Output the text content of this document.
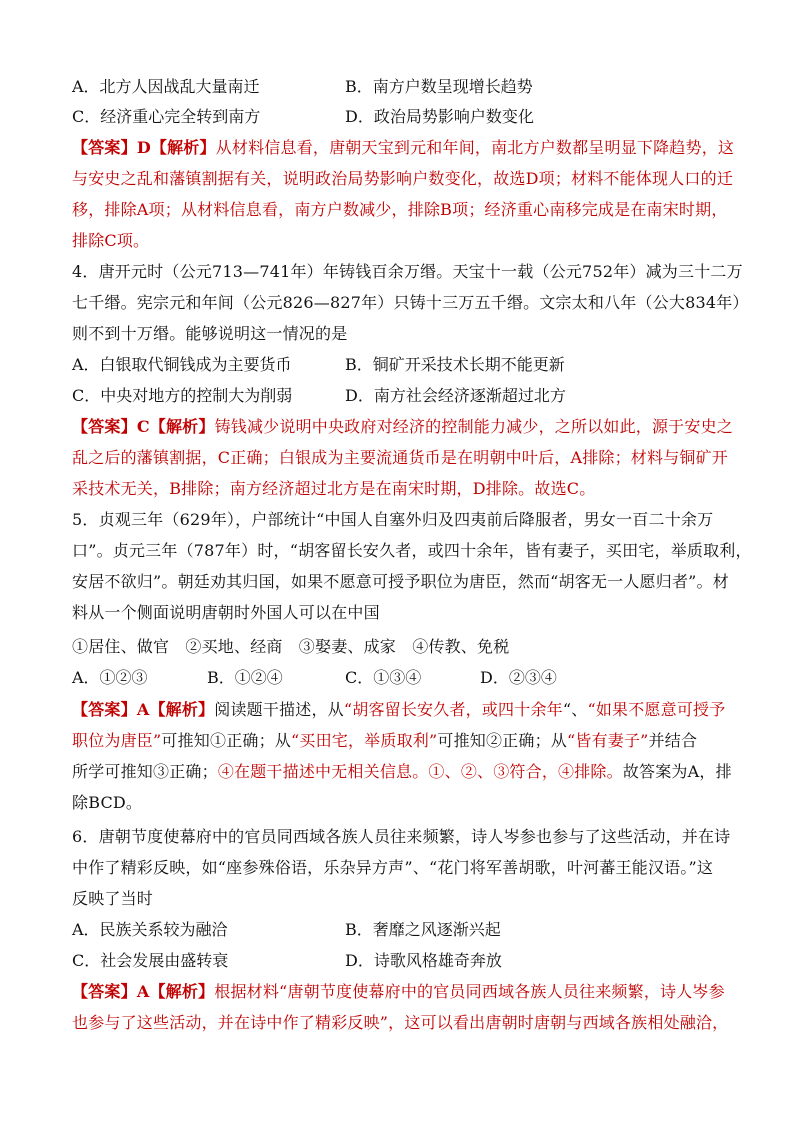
A．北方人因战乱大量南迁	B．南方户数呈现增长趋势
C．经济重心完全转到南方	D．政治局势影响户数变化
【答案】D【解析】从材料信息看，唐朝天宝到元和年间，南北方户数都呈明显下降趋势，这
与安史之乱和藩镇割据有关，说明政治局势影响户数变化，故选D项；材料不能体现人口的迁
移，排除A项；从材料信息看，南方户数减少，排除B项；经济重心南移完成是在南宋时期，
排除C项。
4．唐开元时（公元713—741年）年铸钱百余万缗。天宝十一载（公元752年）减为三十二万
七千缗。宪宗元和年间（公元826—827年）只铸十三万五千缗。文宗太和八年（公大834年）
则不到十万缗。能够说明这一情况的是
A．白银取代铜钱成为主要货币	B．铜矿开采技术长期不能更新
C．中央对地方的控制大为削弱	D．南方社会经济逐渐超过北方
【答案】C【解析】铸钱减少说明中央政府对经济的控制能力减少，之所以如此，源于安史之
乱之后的藩镇割据，C正确；白银成为主要流通货币是在明朝中叶后，A排除；材料与铜矿开
采技术无关，B排除；南方经济超过北方是在南宋时期，D排除。故选C。
5．贞观三年（629年），户部统计“中国人自塞外归及四夷前后降服者，男女一百二十余万
口”。贞元三年（787年）时，“胡客留长安久者，或四十余年，皆有妻子，买田宅，举质取利，
安居不欲归”。朝廷劝其归国，如果不愿意可授予职位为唐臣，然而“胡客无一人愿归者”。材
料从一个侧面说明唐朝时外国人可以在中国
①居住、做官　②买地、经商　③娶妻、成家　④传教、免税
A．①②③	B．①②④	C．①③④	D．②③④
【答案】A【解析】阅读题干描述，从“胡客留长安久者，或四十余年“、“如果不愿意可授予
职位为唐臣”可推知①正确；从“买田宅，举质取利”可推知②正确；从“皆有妻子”并结合
所学可推知③正确；④在题干描述中无相关信息。①、②、③符合，④排除。故答案为A，排
除BCD。
6．唐朝节度使幕府中的官员同西域各族人员往来频繁，诗人岑参也参与了这些活动，并在诗
中作了精彩反映，如“座参殊俗语，乐杂异方声”、“花门将军善胡歌，叶河蕃王能汉语。”这
反映了当时
A．民族关系较为融洽	B．奢靡之风逐渐兴起
C．社会发展由盛转衰	D．诗歌风格雄奇奔放
【答案】A【解析】根据材料“唐朝节度使幕府中的官员同西域各族人员往来频繁，诗人岑参
也参与了这些活动，并在诗中作了精彩反映”，这可以看出唐朝时唐朝与西域各族相处融洽，
